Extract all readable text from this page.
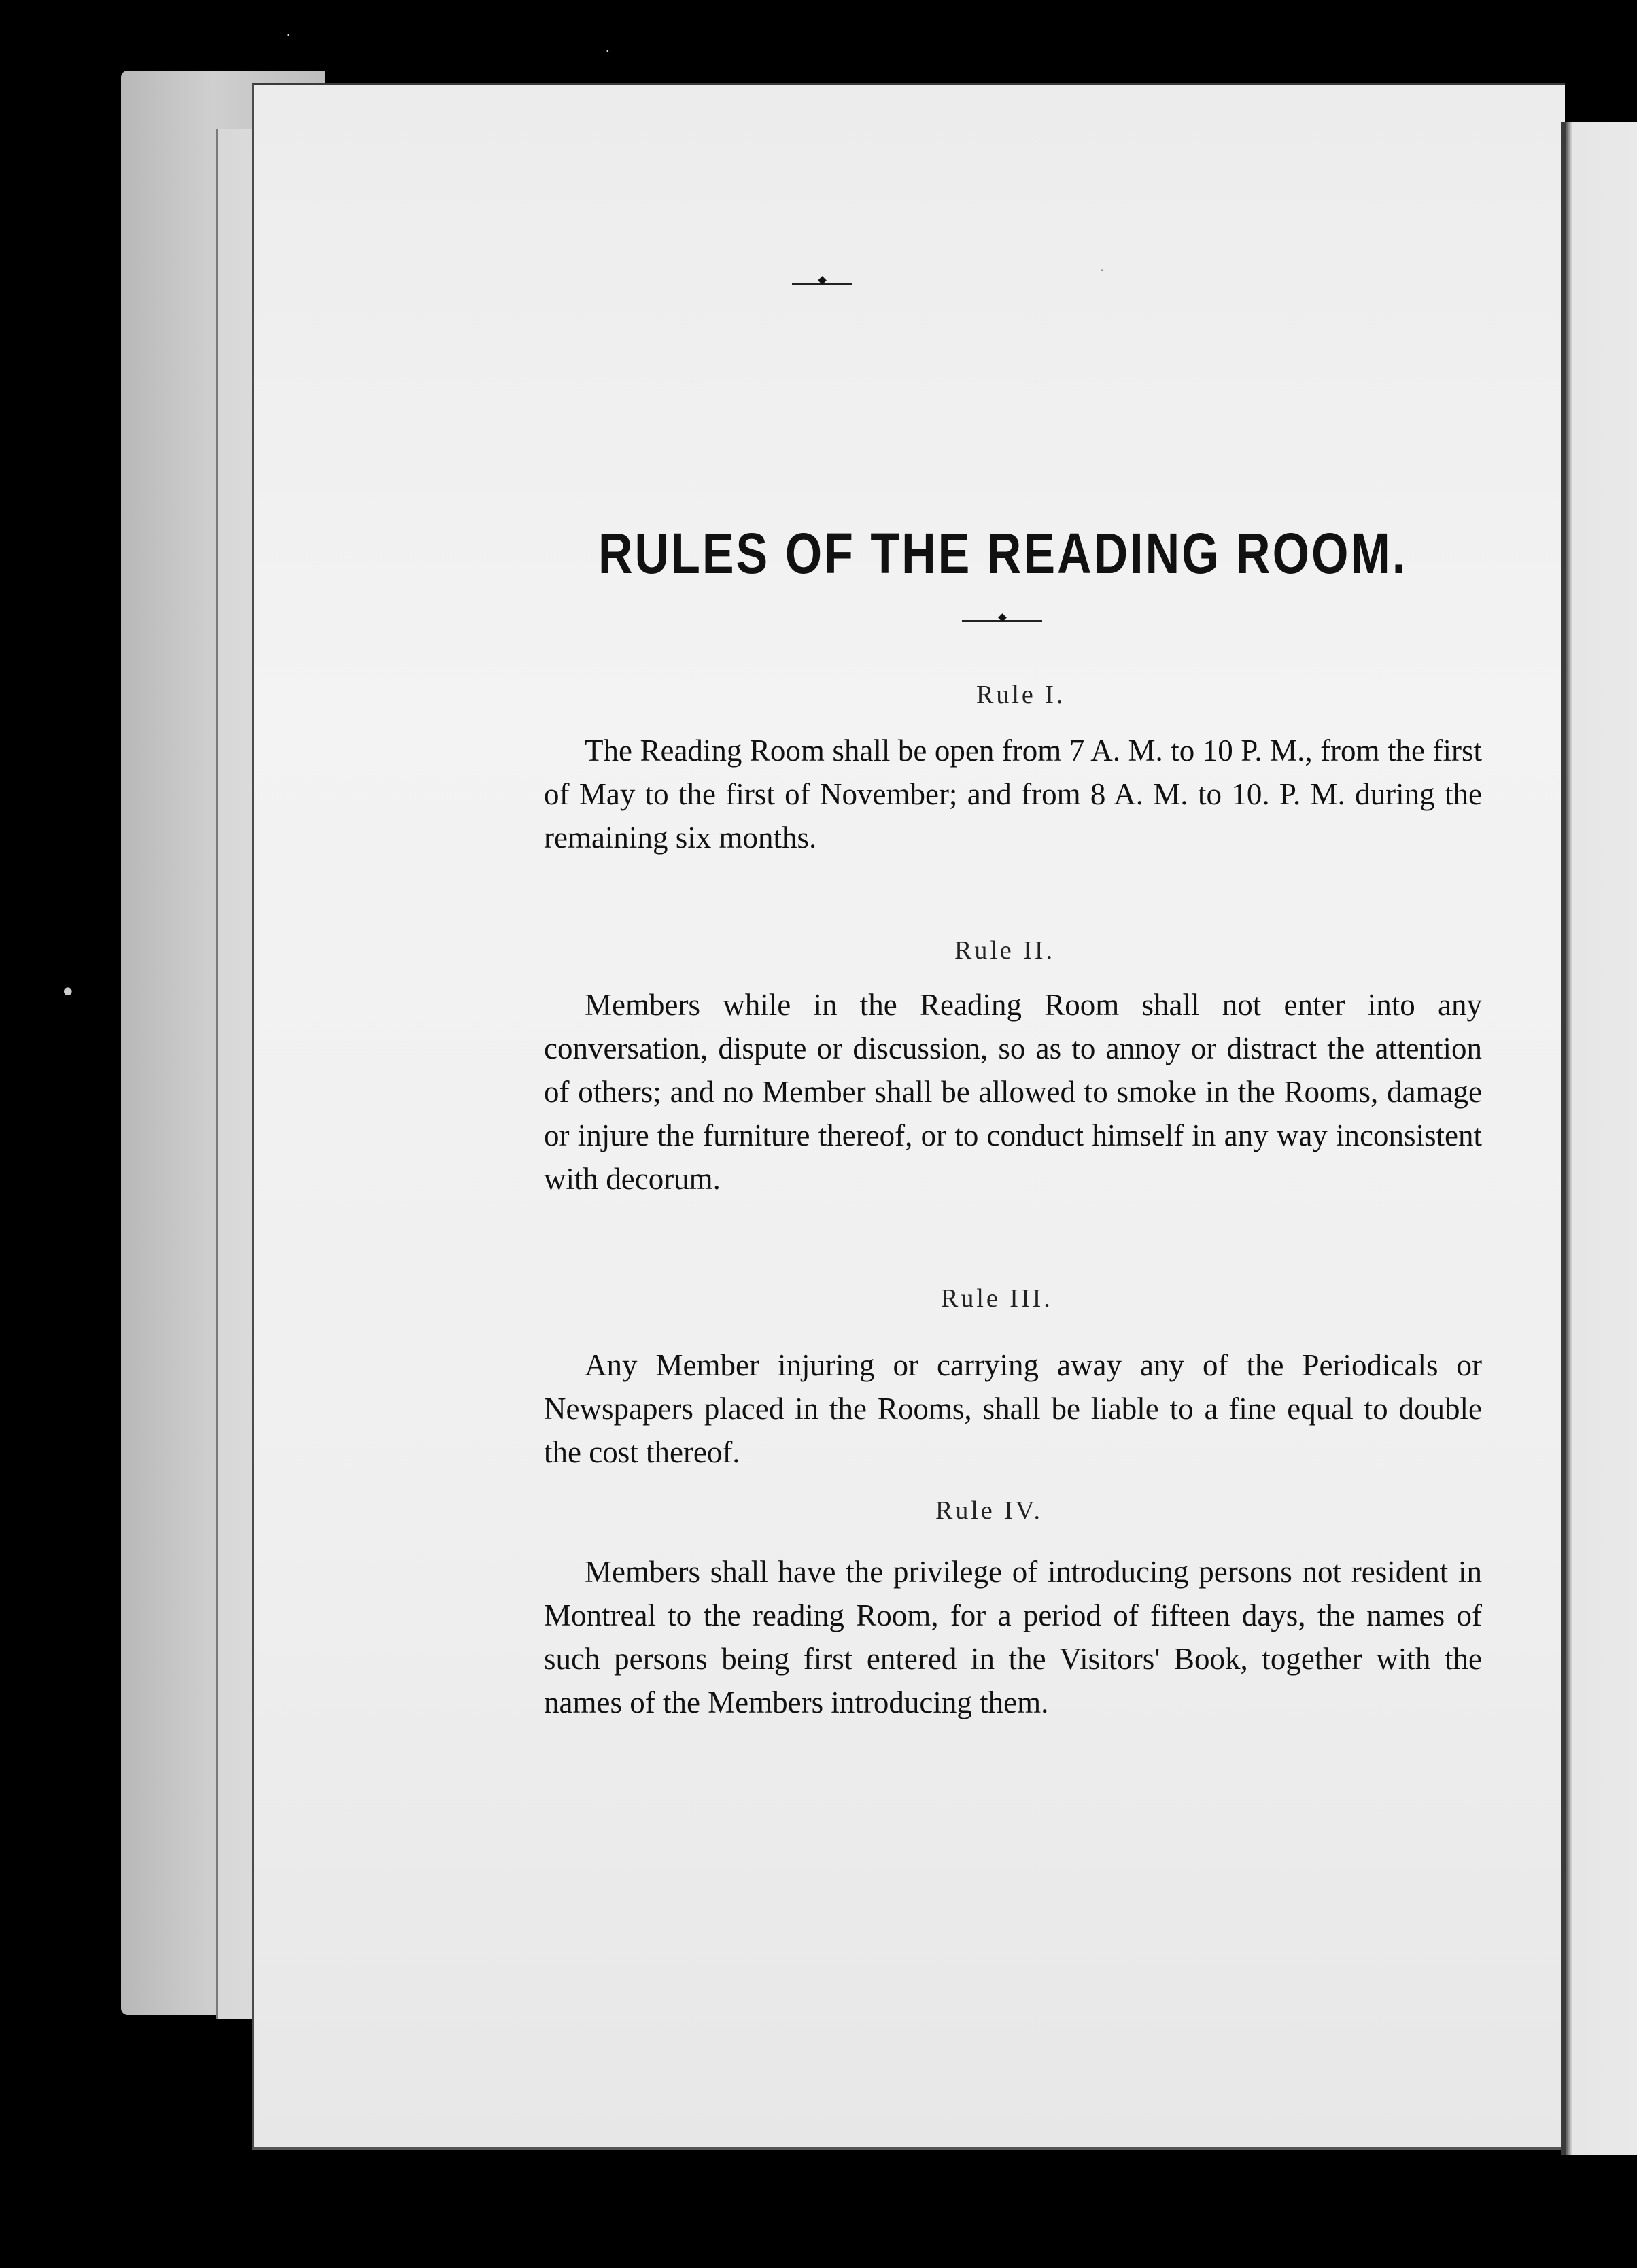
·
·
•
·
RULES OF THE READING ROOM.
Rule I.

The Reading Room shall be open from 7 A. M. to 10 P. M., from the first of May to the first of November; and from 8 A. M. to 10. P. M. during the remaining six months.

Rule II.

Members while in the Reading Room shall not enter into any conversation, dispute or discussion, so as to annoy or distract the attention of others; and no Member shall be allowed to smoke in the Rooms, damage or injure the furniture thereof, or to conduct himself in any way inconsistent with decorum.

Rule III.

Any Member injuring or carrying away any of the Periodicals or Newspapers placed in the Rooms, shall be liable to a fine equal to double the cost thereof.

Rule IV.

Members shall have the privilege of introducing persons not resident in Montreal to the reading Room, for a period of fifteen days, the names of such persons being first entered in the Visitors' Book, together with the names of the Members introducing them.
